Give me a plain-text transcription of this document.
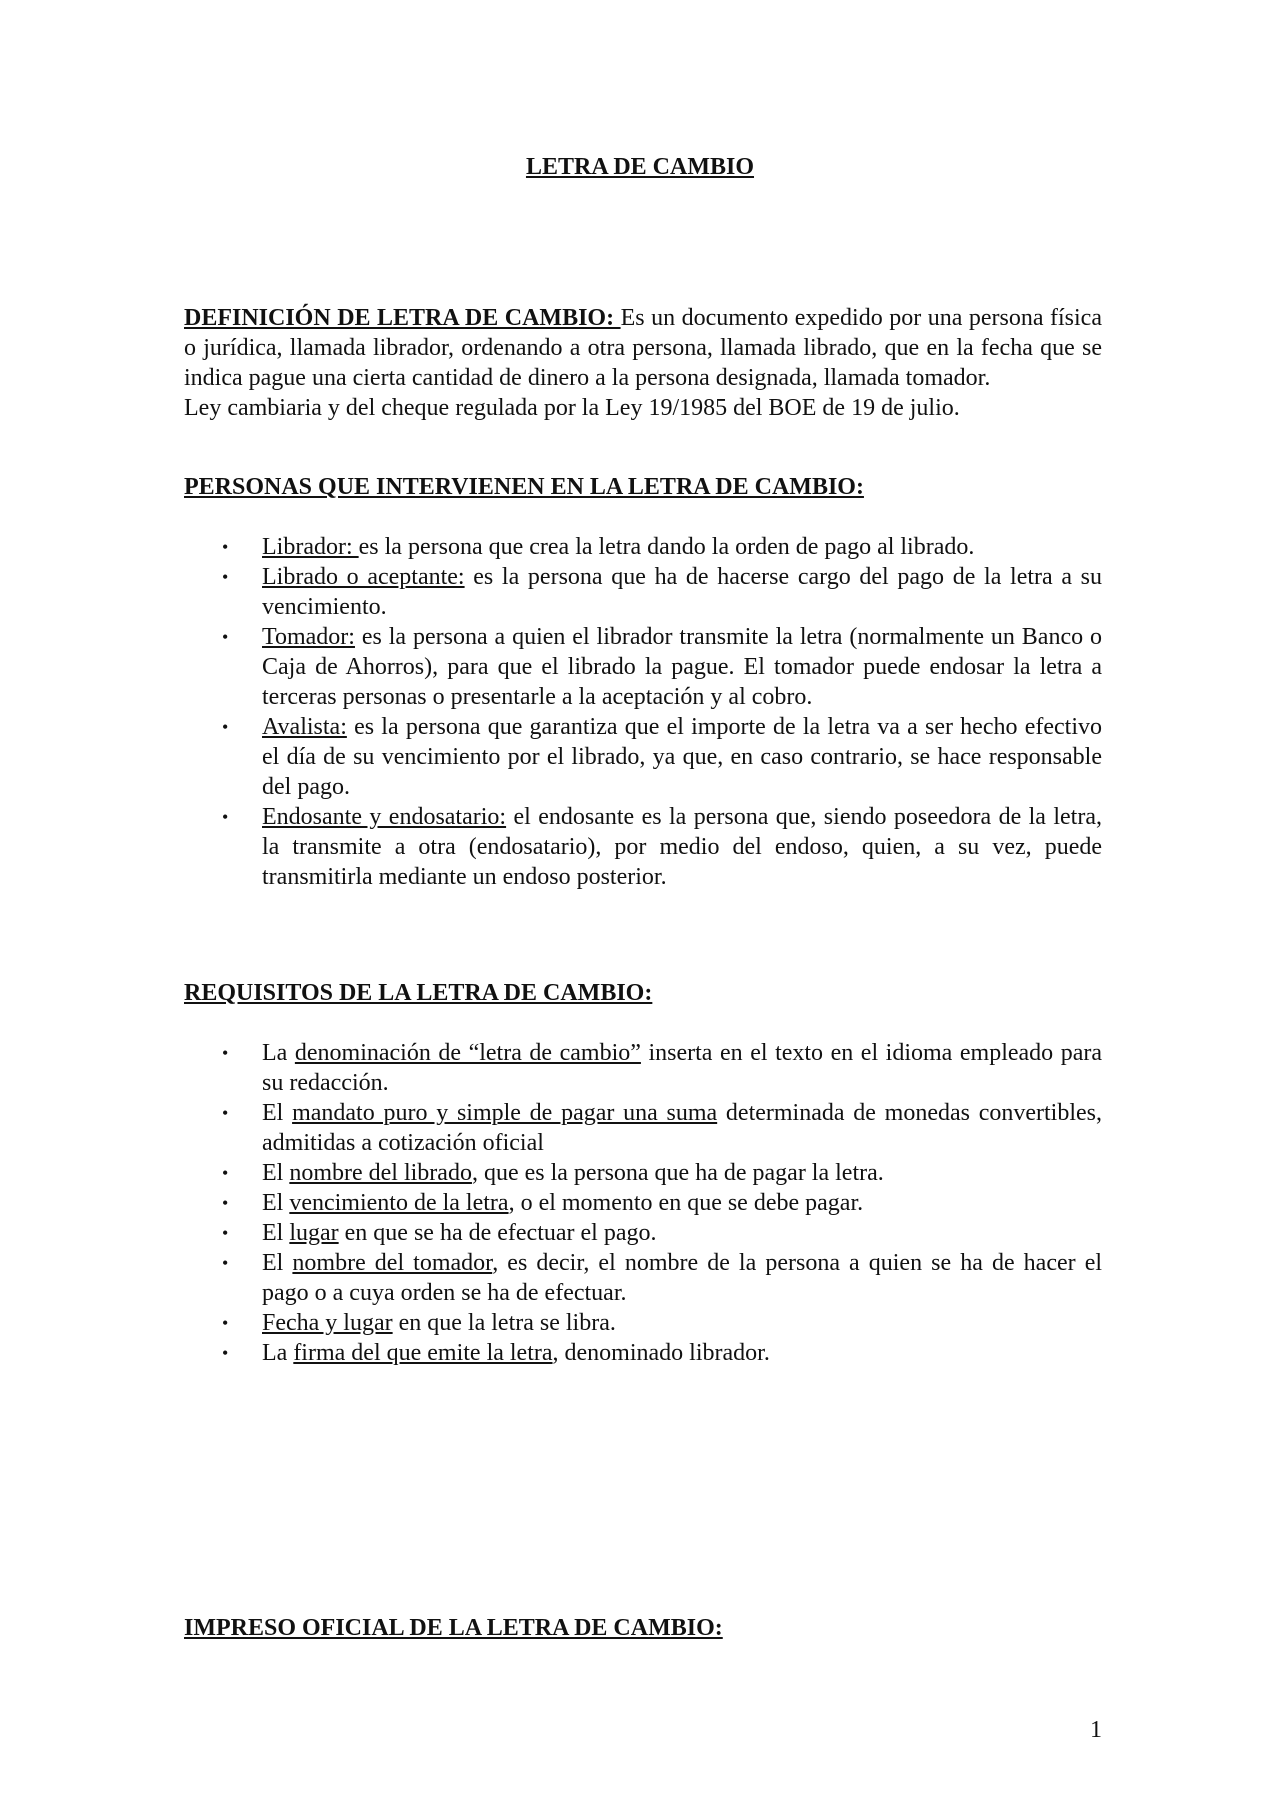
LETRA DE CAMBIO

DEFINICIÓN DE LETRA DE CAMBIO: Es un documento expedido por una persona física o jurídica, llamada librador, ordenando a otra persona, llamada librado, que en la fecha que se indica pague una cierta cantidad de dinero a la persona designada, llamada tomador.

Ley cambiaria y del cheque regulada por la Ley 19/1985 del BOE de 19 de julio.

PERSONAS QUE INTERVIENEN EN LA LETRA DE CAMBIO:
• Librador: es la persona que crea la letra dando la orden de pago al librado.
• Librado o aceptante: es la persona que ha de hacerse cargo del pago de la letra a su vencimiento.
• Tomador: es la persona a quien el librador transmite la letra (normalmente un Banco o Caja de Ahorros), para que el librado la pague. El tomador puede endosar la letra a terceras personas o presentarle a la aceptación y al cobro.
• Avalista: es la persona que garantiza que el importe de la letra va a ser hecho efectivo el día de su vencimiento por el librado, ya que, en caso contrario, se hace responsable del pago.
• Endosante y endosatario: el endosante es la persona que, siendo poseedora de la letra, la transmite a otra (endosatario), por medio del endoso, quien, a su vez, puede transmitirla mediante un endoso posterior.
REQUISITOS DE LA LETRA DE CAMBIO:
• La denominación de “letra de cambio” inserta en el texto en el idioma empleado para su redacción.
• El mandato puro y simple de pagar una suma determinada de monedas convertibles, admitidas a cotización oficial
• El nombre del librado, que es la persona que ha de pagar la letra.
• El vencimiento de la letra, o el momento en que se debe pagar.
• El lugar en que se ha de efectuar el pago.
• El nombre del tomador, es decir, el nombre de la persona a quien se ha de hacer el pago o a cuya orden se ha de efectuar.
• Fecha y lugar en que la letra se libra.
• La firma del que emite la letra, denominado librador.
IMPRESO OFICIAL DE LA LETRA DE CAMBIO:
1
